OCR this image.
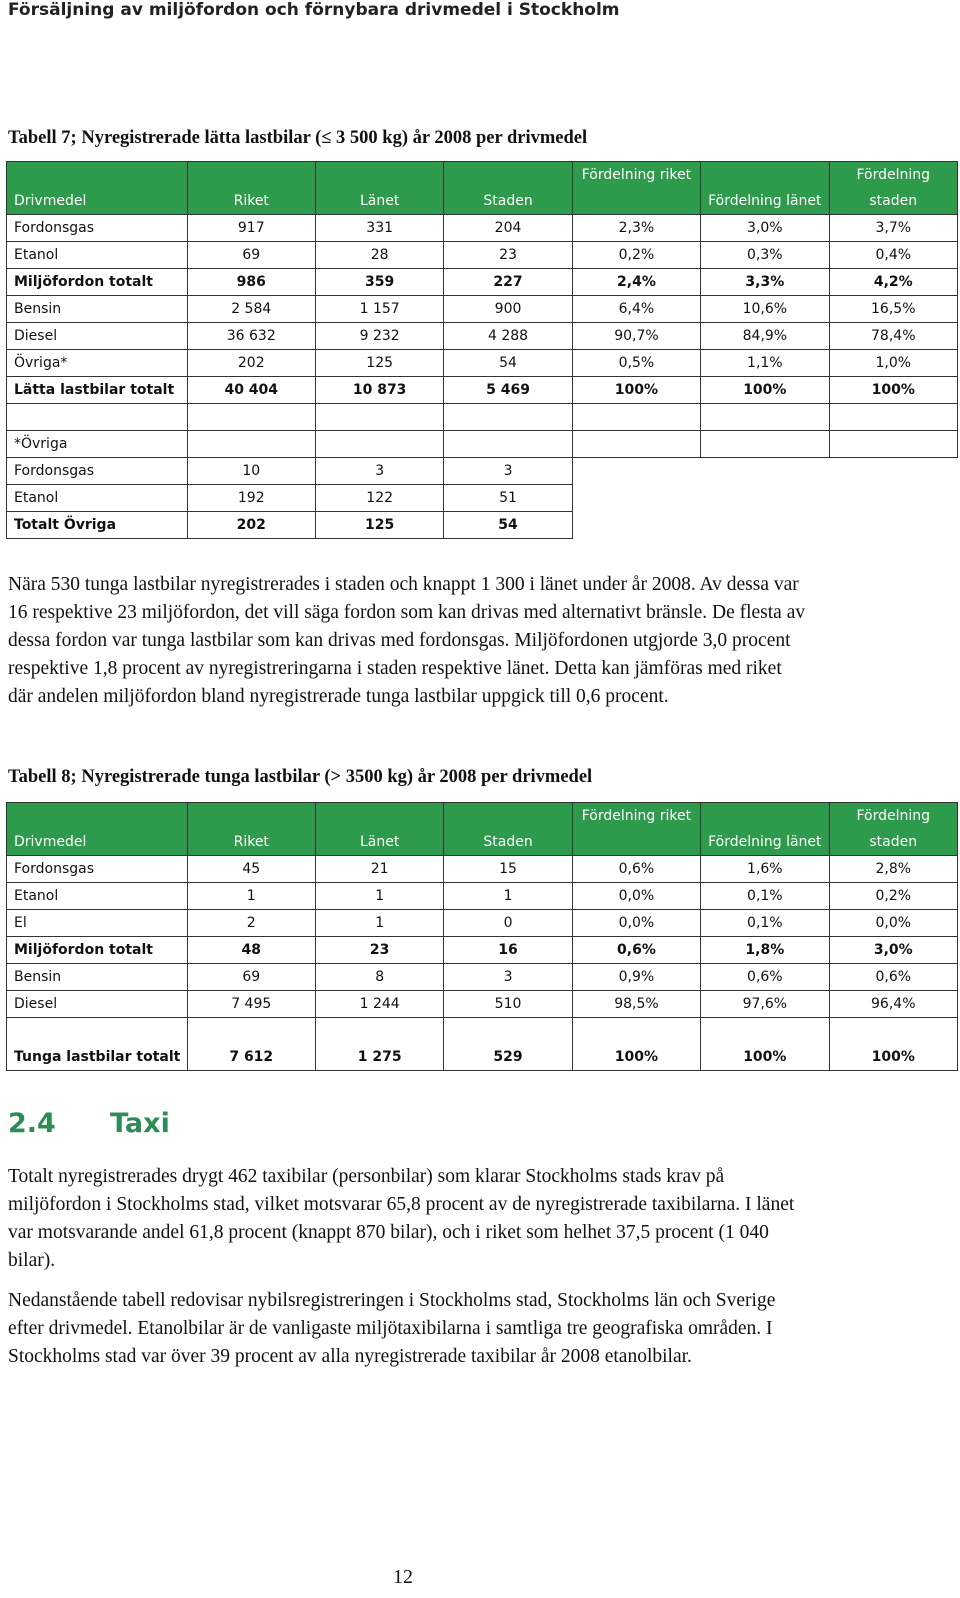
Försäljning av miljöfordon och förnybara drivmedel i Stockholm
Tabell 7; Nyregistrerade lätta lastbilar (≤ 3 500 kg) år 2008 per drivmedel
Drivmedel	Riket	Länet	Staden	Fördelning riket	Fördelning länet	Fördelning
staden

Fordonsgas	917	331	204	2,3%	3,0%	3,7%
Etanol	69	28	23	0,2%	0,3%	0,4%
Miljöfordon totalt	986	359	227	2,4%	3,3%	4,2%
Bensin	2 584	1 157	900	6,4%	10,6%	16,5%
Diesel	36 632	9 232	4 288	90,7%	84,9%	78,4%
Övriga*	202	125	54	0,5%	1,1%	1,0%
Lätta lastbilar totalt	40 404	10 873	5 469	100%	100%	100%

*Övriga						
Fordonsgas	10	3	3			
Etanol	192	122	51			
Totalt Övriga	202	125	54			
Nära 530 tunga lastbilar nyregistrerades i staden och knappt 1 300 i länet under år 2008. Av dessa var 16 respektive 23 miljöfordon, det vill säga fordon som kan drivas med alternativt bränsle. De flesta av dessa fordon var tunga lastbilar som kan drivas med fordonsgas. Miljöfordonen utgjorde 3,0 procent respektive 1,8 procent av nyregistreringarna i staden respektive länet. Detta kan jämföras med riket där andelen miljöfordon bland nyregistrerade tunga lastbilar uppgick till 0,6 procent.
Tabell 8; Nyregistrerade tunga lastbilar (> 3500 kg) år 2008 per drivmedel
Drivmedel	Riket	Länet	Staden	Fördelning riket	Fördelning länet	Fördelning
staden

Fordonsgas	45	21	15	0,6%	1,6%	2,8%
Etanol	1	1	1	0,0%	0,1%	0,2%
El	2	1	0	0,0%	0,1%	0,0%
Miljöfordon totalt	48	23	16	0,6%	1,8%	3,0%
Bensin	69	8	3	0,9%	0,6%	0,6%
Diesel	7 495	1 244	510	98,5%	97,6%	96,4%
Tunga lastbilar totalt	7 612	1 275	529	100%	100%	100%
2.4 Taxi
Totalt nyregistrerades drygt 462 taxibilar (personbilar) som klarar Stockholms stads krav på miljöfordon i Stockholms stad, vilket motsvarar 65,8 procent av de nyregistrerade taxibilarna. I länet var motsvarande andel 61,8 procent (knappt 870 bilar), och i riket som helhet 37,5 procent (1 040 bilar).
Nedanstående tabell redovisar nybilsregistreringen i Stockholms stad, Stockholms län och Sverige efter drivmedel. Etanolbilar är de vanligaste miljötaxibilarna i samtliga tre geografiska områden. I Stockholms stad var över 39 procent av alla nyregistrerade taxibilar år 2008 etanolbilar.
12
